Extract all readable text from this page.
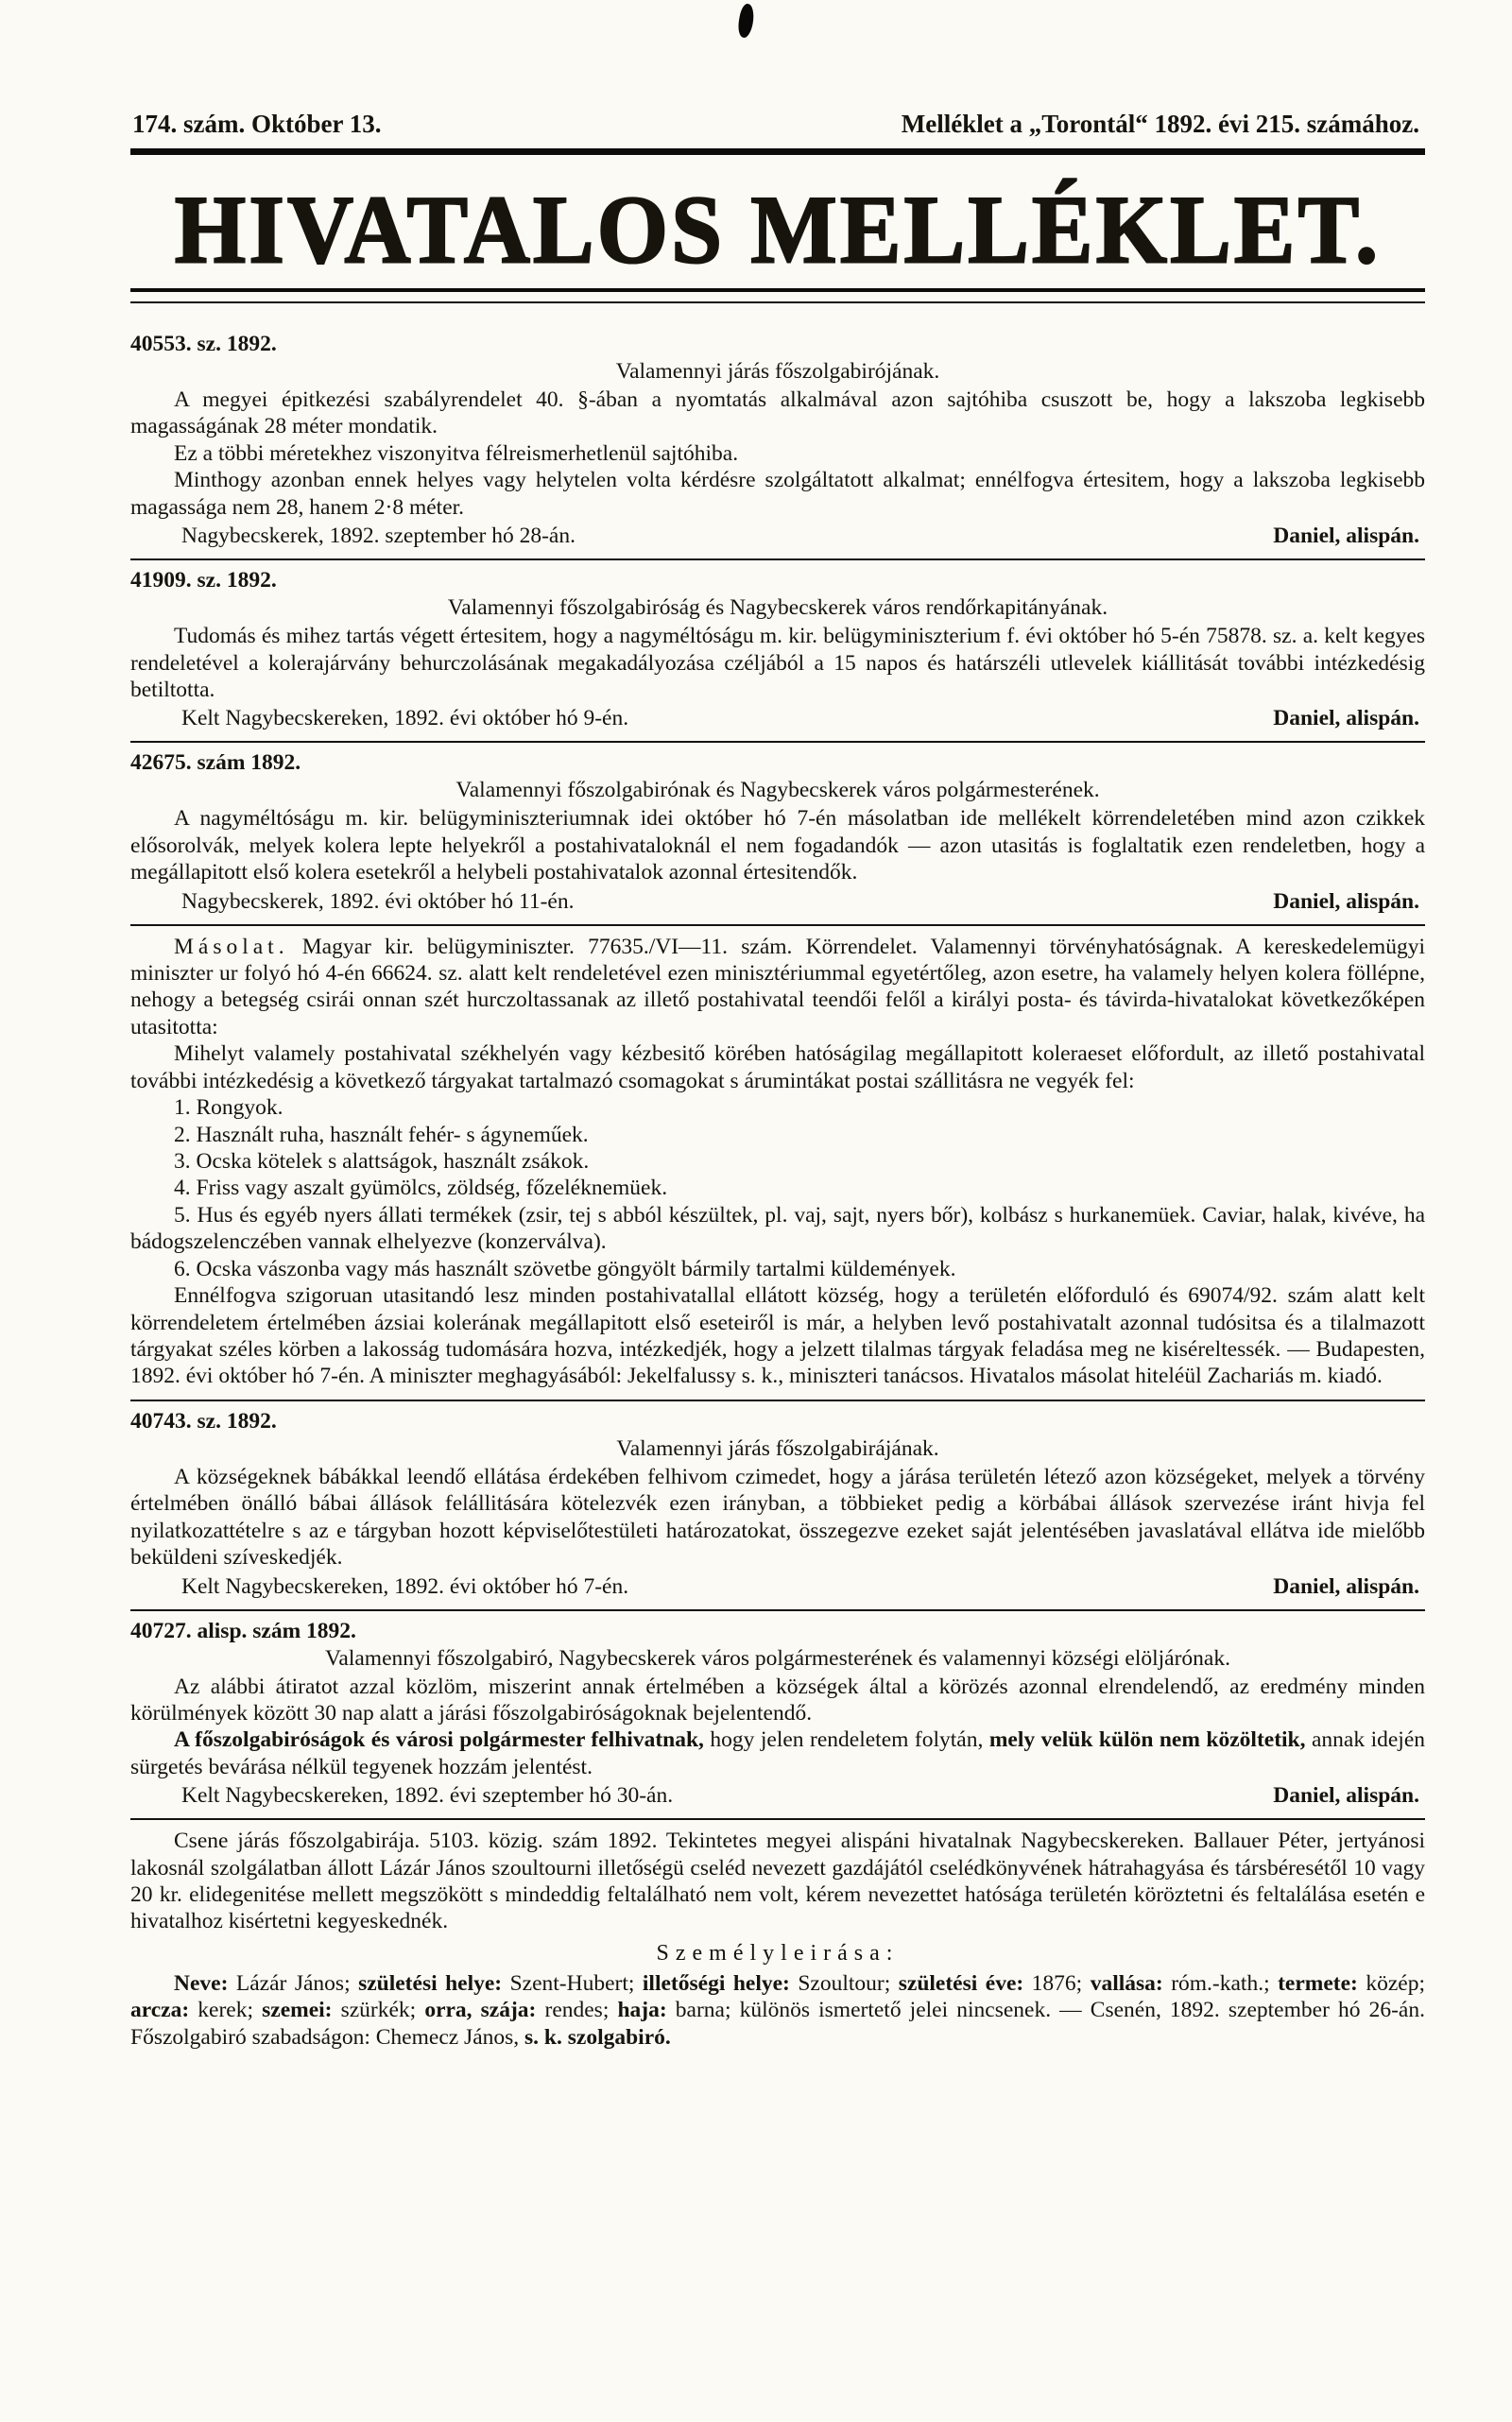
174. szám. Október 13.	Melléklet a „Torontál“ 1892. évi 215. számához.
HIVATALOS MELLÉKLET.
40553. sz. 1892.
Valamennyi járás főszolgabirójának.

A megyei épitkezési szabályrendelet 40. §-ában a nyomtatás alkalmával azon sajtóhiba csuszott be, hogy a lakszoba legkisebb magasságának 28 méter mondatik.

Ez a többi méretekhez viszonyitva félreismerhetlenül sajtóhiba.

Minthogy azonban ennek helyes vagy helytelen volta kérdésre szolgáltatott alkalmat; ennélfogva értesitem, hogy a lakszoba legkisebb magassága nem 28, hanem 2·8 méter.

Nagybecskerek, 1892. szeptember hó 28-án.	Daniel, alispán.
41909. sz. 1892.
Valamennyi főszolgabiróság és Nagybecskerek város rendőrkapitányának.

Tudomás és mihez tartás végett értesitem, hogy a nagyméltóságu m. kir. belügyminiszterium f. évi október hó 5-én 75878. sz. a. kelt kegyes rendeletével a kolerajárvány behurczolásának megakadályozása czéljából a 15 napos és határszéli utlevelek kiállitását további intézkedésig betiltotta.

Kelt Nagybecskereken, 1892. évi október hó 9-én.	Daniel, alispán.
42675. szám 1892.
Valamennyi főszolgabirónak és Nagybecskerek város polgármesterének.

A nagyméltóságu m. kir. belügyminiszteriumnak idei október hó 7-én másolatban ide mellékelt körrendeletében mind azon czikkek elősorolvák, melyek kolera lepte helyekről a postahivataloknál el nem fogadandók — azon utasitás is foglaltatik ezen rendeletben, hogy a megállapitott első kolera esetekről a helybeli postahivatalok azonnal értesitendők.

Nagybecskerek, 1892. évi október hó 11-én.	Daniel, alispán.

Másolat. Magyar kir. belügyminiszter. 77635./VI—11. szám. Körrendelet. Valamennyi törvényhatóságnak. A kereskedelemügyi miniszter ur folyó hó 4-én 66624. sz. alatt kelt rendeletével ezen minisztériummal egyetértőleg, azon esetre, ha valamely helyen kolera föllépne, nehogy a betegség csirái onnan szét hurczoltassanak az illető postahivatal teendői felől a királyi posta- és távirda-hivatalokat következőképen utasitotta:

Mihelyt valamely postahivatal székhelyén vagy kézbesitő körében hatóságilag megállapitott koleraeset előfordult, az illető postahivatal további intézkedésig a következő tárgyakat tartalmazó csomagokat s árumintákat postai szállitásra ne vegyék fel:

1. Rongyok.

2. Használt ruha, használt fehér- s ágyneműek.

3. Ocska kötelek s alattságok, használt zsákok.

4. Friss vagy aszalt gyümölcs, zöldség, főzeléknemüek.

5. Hus és egyéb nyers állati termékek (zsir, tej s abból készültek, pl. vaj, sajt, nyers bőr), kolbász s hurkanemüek. Caviar, halak, kivéve, ha bádogszelenczében vannak elhelyezve (konzerválva).

6. Ocska vászonba vagy más használt szövetbe göngyölt bármily tartalmi küldemények.

Ennélfogva szigoruan utasitandó lesz minden postahivatallal ellátott község, hogy a területén előforduló és 69074/92. szám alatt kelt körrendeletem értelmében ázsiai kolerának megállapitott első eseteiről is már, a helyben levő postahivatalt azonnal tudósitsa és a tilalmazott tárgyakat széles körben a lakosság tudomására hozva, intézkedjék, hogy a jelzett tilalmas tárgyak feladása meg ne kiséreltessék. — Budapesten, 1892. évi október hó 7-én. A miniszter meghagyásából: Jekelfalussy s. k., miniszteri tanácsos. Hivatalos másolat hiteléül Zachariás m. kiadó.

40743. sz. 1892.
Valamennyi járás főszolgabirájának.

A községeknek bábákkal leendő ellátása érdekében felhivom czimedet, hogy a járása területén létező azon községeket, melyek a törvény értelmében önálló bábai állások felállitására kötelezvék ezen irányban, a többieket pedig a körbábai állások szervezése iránt hivja fel nyilatkozattételre s az e tárgyban hozott képviselőtestületi határozatokat, összegezve ezeket saját jelentésében javaslatával ellátva ide mielőbb beküldeni szíveskedjék.

Kelt Nagybecskereken, 1892. évi október hó 7-én.	Daniel, alispán.
40727. alisp. szám 1892.
Valamennyi főszolgabiró, Nagybecskerek város polgármesterének és valamennyi községi elöljárónak.

Az alábbi átiratot azzal közlöm, miszerint annak értelmében a községek által a körözés azonnal elrendelendő, az eredmény minden körülmények között 30 nap alatt a járási főszolgabiróságoknak bejelentendő.

A főszolgabiróságok és városi polgármester felhivatnak, hogy jelen rendeletem folytán, mely velük külön nem közöltetik, annak idején sürgetés bevárása nélkül tegyenek hozzám jelentést.

Kelt Nagybecskereken, 1892. évi szeptember hó 30-án.	Daniel, alispán.

Csene járás főszolgabirája. 5103. közig. szám 1892. Tekintetes megyei alispáni hivatalnak Nagybecskereken. Ballauer Péter, jertyánosi lakosnál szolgálatban állott Lázár János szoultourni illetőségü cseléd nevezett gazdájától cselédkönyvének hátrahagyása és társbéresétől 10 vagy 20 kr. elidegenitése mellett megszökött s mindeddig feltalálható nem volt, kérem nevezettet hatósága területén köröztetni és feltalálása esetén e hivatalhoz kisértetni kegyeskednék.

Személyleirása:

Neve: Lázár János; születési helye: Szent-Hubert; illetőségi helye: Szoultour; születési éve: 1876; vallása: róm.-kath.; termete: közép; arcza: kerek; szemei: szürkék; orra, szája: rendes; haja: barna; különös ismertető jelei nincsenek. — Csenén, 1892. szeptember hó 26-án. Főszolgabiró szabadságon: Chemecz János, s. k. szolgabiró.
